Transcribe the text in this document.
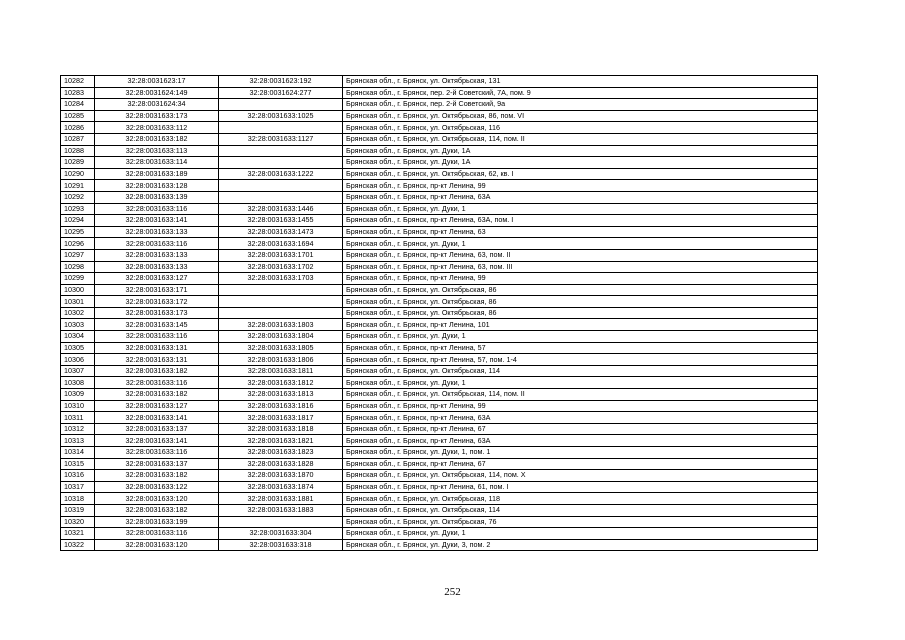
10282	32:28:0031623:17	32:28:0031623:192	Брянская обл., г. Брянск, ул. Октябрьская, 131
10283	32:28:0031624:149	32:28:0031624:277	Брянская обл., г. Брянск, пер. 2-й Советский, 7А, пом. 9
10284	32:28:0031624:34		Брянская обл., г. Брянск, пер. 2-й Советский, 9а
10285	32:28:0031633:173	32:28:0031633:1025	Брянская обл., г. Брянск, ул. Октябрьская, 86, пом. VI
10286	32:28:0031633:112		Брянская обл., г. Брянск, ул. Октябрьская, 116
10287	32:28:0031633:182	32:28:0031633:1127	Брянская обл., г. Брянск, ул. Октябрьская, 114, пом. II
10288	32:28:0031633:113		Брянская обл., г. Брянск, ул. Дуки, 1А
10289	32:28:0031633:114		Брянская обл., г. Брянск, ул. Дуки, 1А
10290	32:28:0031633:189	32:28:0031633:1222	Брянская обл., г. Брянск, ул. Октябрьская, 62, кв. I
10291	32:28:0031633:128		Брянская обл., г. Брянск, пр-кт Ленина, 99
10292	32:28:0031633:139		Брянская обл., г. Брянск, пр-кт Ленина, 63А
10293	32:28:0031633:116	32:28:0031633:1446	Брянская обл., г. Брянск, ул. Дуки, 1
10294	32:28:0031633:141	32:28:0031633:1455	Брянская обл., г. Брянск, пр-кт Ленина, 63А, пом. I
10295	32:28:0031633:133	32:28:0031633:1473	Брянская обл., г. Брянск, пр-кт Ленина, 63
10296	32:28:0031633:116	32:28:0031633:1694	Брянская обл., г. Брянск, ул. Дуки, 1
10297	32:28:0031633:133	32:28:0031633:1701	Брянская обл., г. Брянск, пр-кт Ленина, 63, пом. II
10298	32:28:0031633:133	32:28:0031633:1702	Брянская обл., г. Брянск, пр-кт Ленина, 63, пом. III
10299	32:28:0031633:127	32:28:0031633:1703	Брянская обл., г. Брянск, пр-кт Ленина, 99
10300	32:28:0031633:171		Брянская обл., г. Брянск, ул. Октябрьская, 86
10301	32:28:0031633:172		Брянская обл., г. Брянск, ул. Октябрьская, 86
10302	32:28:0031633:173		Брянская обл., г. Брянск, ул. Октябрьская, 86
10303	32:28:0031633:145	32:28:0031633:1803	Брянская обл., г. Брянск, пр-кт Ленина, 101
10304	32:28:0031633:116	32:28:0031633:1804	Брянская обл., г. Брянск, ул. Дуки, 1
10305	32:28:0031633:131	32:28:0031633:1805	Брянская обл., г. Брянск, пр-кт Ленина, 57
10306	32:28:0031633:131	32:28:0031633:1806	Брянская обл., г. Брянск, пр-кт Ленина, 57, пом. 1-4
10307	32:28:0031633:182	32:28:0031633:1811	Брянская обл., г. Брянск, ул. Октябрьская, 114
10308	32:28:0031633:116	32:28:0031633:1812	Брянская обл., г. Брянск, ул. Дуки, 1
10309	32:28:0031633:182	32:28:0031633:1813	Брянская обл., г. Брянск, ул. Октябрьская, 114, пом. II
10310	32:28:0031633:127	32:28:0031633:1816	Брянская обл., г. Брянск, пр-кт Ленина, 99
10311	32:28:0031633:141	32:28:0031633:1817	Брянская обл., г. Брянск, пр-кт Ленина, 63А
10312	32:28:0031633:137	32:28:0031633:1818	Брянская обл., г. Брянск, пр-кт Ленина, 67
10313	32:28:0031633:141	32:28:0031633:1821	Брянская обл., г. Брянск, пр-кт Ленина, 63А
10314	32:28:0031633:116	32:28:0031633:1823	Брянская обл., г. Брянск, ул. Дуки, 1, пом. 1
10315	32:28:0031633:137	32:28:0031633:1828	Брянская обл., г. Брянск, пр-кт Ленина, 67
10316	32:28:0031633:182	32:28:0031633:1870	Брянская обл., г. Брянск, ул. Октябрьская, 114, пом. Х
10317	32:28:0031633:122	32:28:0031633:1874	Брянская обл., г. Брянск, пр-кт Ленина, 61, пом. I
10318	32:28:0031633:120	32:28:0031633:1881	Брянская обл., г. Брянск, ул. Октябрьская, 118
10319	32:28:0031633:182	32:28:0031633:1883	Брянская обл., г. Брянск, ул. Октябрьская, 114
10320	32:28:0031633:199		Брянская обл., г. Брянск, ул. Октябрьская, 76
10321	32:28:0031633:116	32:28:0031633:304	Брянская обл., г. Брянск, ул. Дуки, 1
10322	32:28:0031633:120	32:28:0031633:318	Брянская обл., г. Брянск, ул. Дуки, 3, пом. 2
252
